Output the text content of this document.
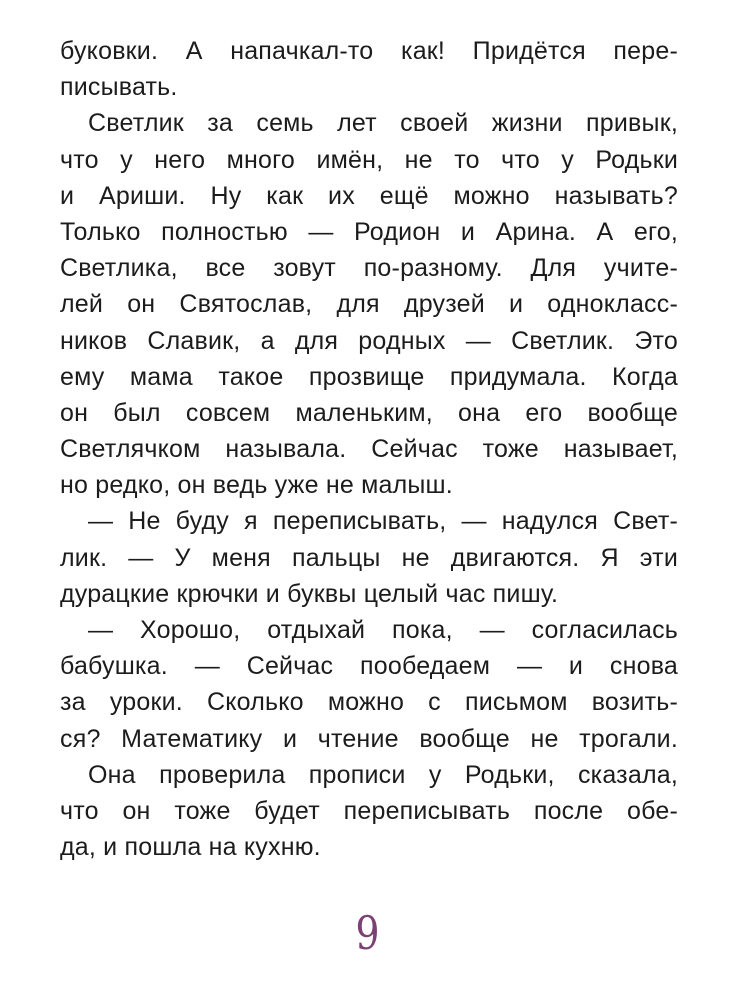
буковки. А напачкал-то как! Придётся пере-
писывать.
Светлик за семь лет своей жизни привык,
что у него много имён, не то что у Родьки
и Ариши. Ну как их ещё можно называть?
Только полностью — Родион и Арина. А его,
Светлика, все зовут по-разному. Для учите-
лей он Святослав, для друзей и однокласс-
ников Славик, а для родных — Светлик. Это
ему мама такое прозвище придумала. Когда
он был совсем маленьким, она его вообще
Светлячком называла. Сейчас тоже называет,
но редко, он ведь уже не малыш.
— Не буду я переписывать, — надулся Свет-
лик. — У меня пальцы не двигаются. Я эти
дурацкие крючки и буквы целый час пишу.
— Хорошо, отдыхай пока, — согласилась
бабушка. — Сейчас пообедаем — и снова
за уроки. Сколько можно с письмом возить-
ся? Математику и чтение вообще не трогали.
Она проверила прописи у Родьки, сказала,
что он тоже будет переписывать после обе-
да, и пошла на кухню.
9
